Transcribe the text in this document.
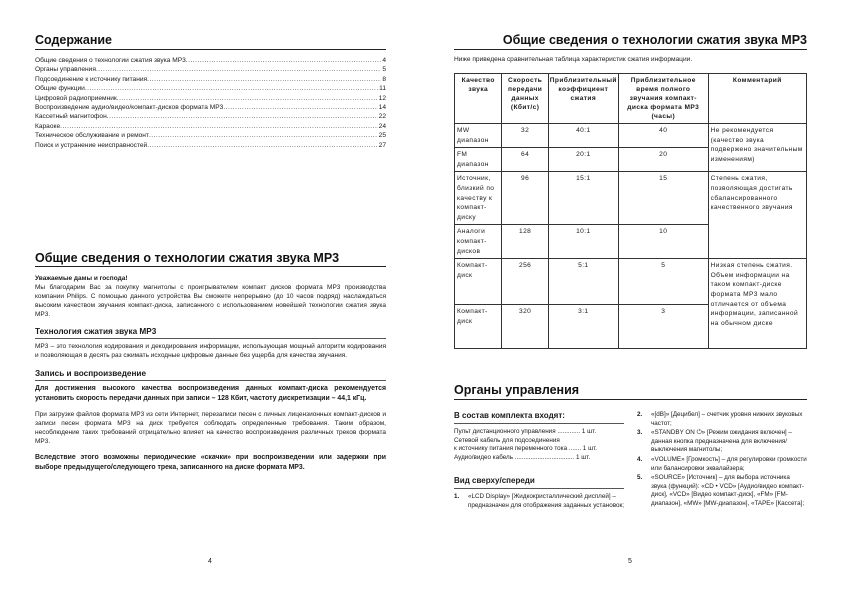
Содержание
Общие сведения о технологии сжатия звука MP3 .....	4
Органы управления .....	5
Подсоединение к источнику питания .....	8
Общие функции .....	11
Цифровой радиоприемник .....	12
Воспроизведение аудио/видео/компакт-дисков формата MP3 .....	14
Кассетный магнитофон .....	22
Караоке .....	24
Техническое обслуживание и ремонт .....	25
Поиск и устранение неисправностей .....	27
Общие сведения о технологии сжатия звука MP3
Уважаемые дамы и господа!
Мы благодарим Вас за покупку магнитолы с проигрывателем компакт дисков формата MP3 производства компании Philips. С помощью данного устройства Вы сможете непрерывно (до 10 часов подряд) наслаждаться высоким качеством звучания компакт-диска, записанного с использованием новейшей технологии сжатия звука MP3.
Технология сжатия звука MP3
MP3 – это технология кодирования и декодирования информации, использующая мощный алгоритм кодирования и позволяющая в десять раз сжимать исходные цифровые данные без ущерба для качества звучания.
Запись и воспроизведение
Для достижения высокого качества воспроизведения данных компакт-диска рекомендуется установить скорость передачи данных при записи – 128 Кбит, частоту дискретизации – 44,1 кГц.
При загрузке файлов формата MP3 из сети Интернет, перезаписи песен с личных лицензионных компакт-дисков и записи песен формата MP3 на диск требуется соблюдать определенные требования. Таким образом, несоблюдение таких требований отрицательно влияет на качество воспроизведения различных треков формата MP3.
Вследствие этого возможны периодические «скачки» при воспроизведении или задержки при выборе предыдущего/следующего трека, записанного на диске формата MP3.
4
Общие сведения о технологии сжатия звука MP3
Ниже приведена сравнительная таблица характеристик сжатия информации.
Качество звука	Скорость передачи данных (Кбит/с)	Приблизительный коэффициент сжатия	Приблизительное время полного звучания компакт-диска формата MP3 (часы)	Комментарий
MW диапазон	32	40:1	40	Не рекомендуется (качество звука подвержено значительным изменениям)
FM диапазон	64	20:1	20	
Источник, близкий по качеству к компакт-диску	96	15:1	15	Степень сжатия, позволяющая достигать сбалансированного качественного звучания
Аналоги компакт-дисков	128	10:1	10	
Компакт-диск	256	5:1	5	Низкая степень сжатия. Объем информации на таком компакт-диске формата MP3 мало отличается от объема информации, записанной на обычном диске
Компакт-диск	320	3:1	3	
Органы управления
В состав комплекта входят:
Пульт дистанционного управления ............. 1 шт.
Сетевой кабель для подсоединения
к источнику питания переменного тока ....... 1 шт.
Аудио/видео кабель .................................. 1 шт.
Вид сверху/спереди
1.	«LCD Display» [Жидкокристаллический дисплей] – предназначен для отображения заданных установок;
2.	«[dB]» [Децибел] – счетчик уровня нижних звуковых частот;
3.	«STANDBY ON ⏻» [Режим ожидания включен] – данная кнопка предназначена для включения/выключения магнитолы;
4.	«VOLUME» [Громкость] – для регулировки громкости или балансировки эквалайзера;
5.	«SOURCE» [Источник] – для выбора источника звука (функций): «CD • VCD» [Аудио/видео компакт-диск], «VCD» [Видео компакт-диск], «FM» [FM-диапазон], «MW» [MW-диапазон], «TAPE» [Кассета];
5
